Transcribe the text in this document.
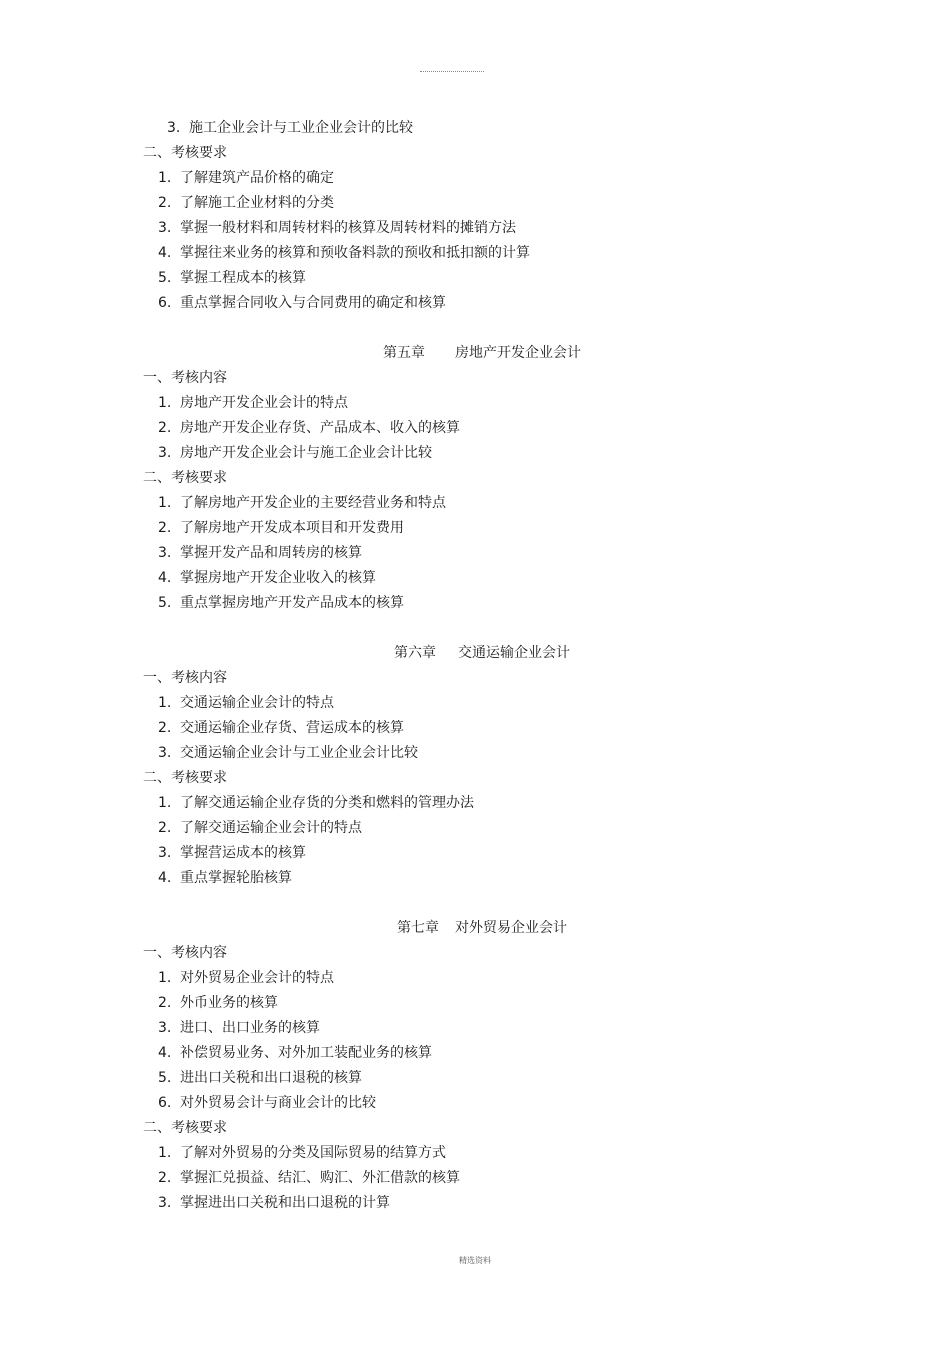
3. 施工企业会计与工业企业会计的比较
二、考核要求
1. 了解建筑产品价格的确定
2. 了解施工企业材料的分类
3. 掌握一般材料和周转材料的核算及周转材料的摊销方法
4. 掌握往来业务的核算和预收备料款的预收和抵扣额的计算
5. 掌握工程成本的核算
6. 重点掌握合同收入与合同费用的确定和核算
第五章 房地产开发企业会计
一、考核内容
1. 房地产开发企业会计的特点
2. 房地产开发企业存货、产品成本、收入的核算
3. 房地产开发企业会计与施工企业会计比较
二、考核要求
1. 了解房地产开发企业的主要经营业务和特点
2. 了解房地产开发成本项目和开发费用
3. 掌握开发产品和周转房的核算
4. 掌握房地产开发企业收入的核算
5. 重点掌握房地产开发产品成本的核算
第六章 交通运输企业会计
一、考核内容
1. 交通运输企业会计的特点
2. 交通运输企业存货、营运成本的核算
3. 交通运输企业会计与工业企业会计比较
二、考核要求
1. 了解交通运输企业存货的分类和燃料的管理办法
2. 了解交通运输企业会计的特点
3. 掌握营运成本的核算
4. 重点掌握轮胎核算
第七章 对外贸易企业会计
一、考核内容
1. 对外贸易企业会计的特点
2. 外币业务的核算
3. 进口、出口业务的核算
4. 补偿贸易业务、对外加工装配业务的核算
5. 进出口关税和出口退税的核算
6. 对外贸易会计与商业会计的比较
二、考核要求
1. 了解对外贸易的分类及国际贸易的结算方式
2. 掌握汇兑损益、结汇、购汇、外汇借款的核算
3. 掌握进出口关税和出口退税的计算
精选资料
